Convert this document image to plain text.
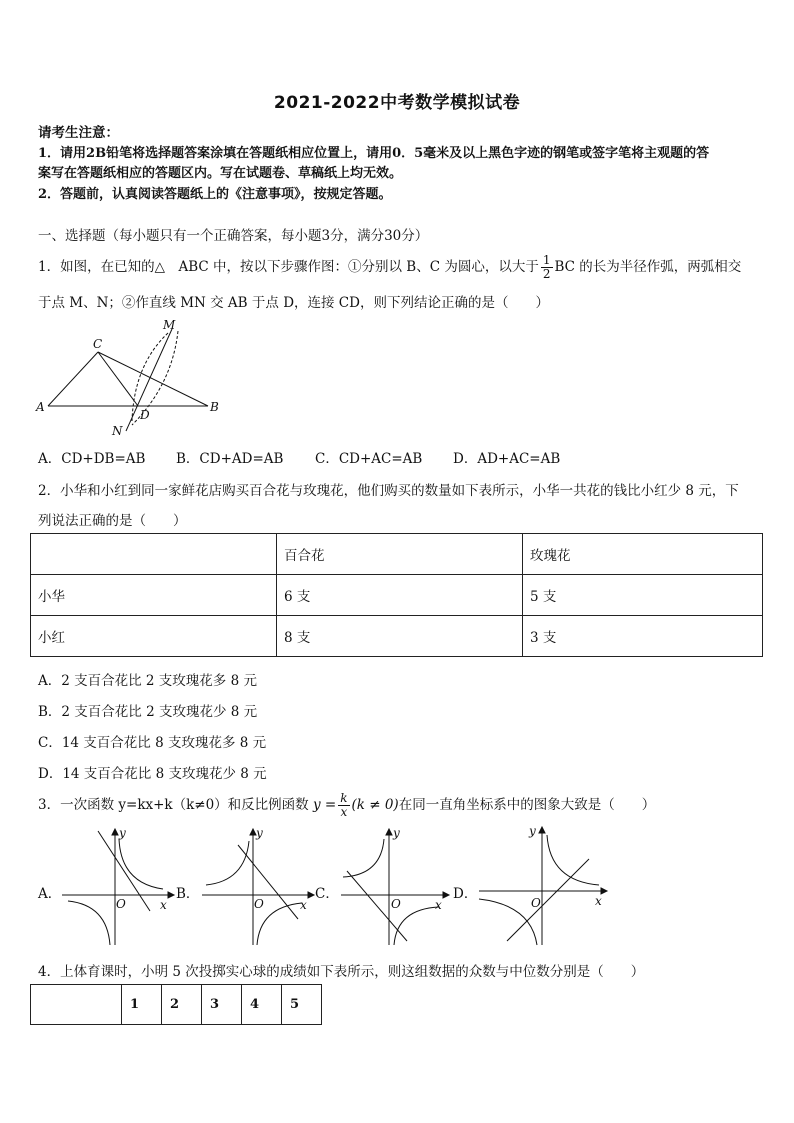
2021-2022中考数学模拟试卷
请考生注意：
1．请用2B铅笔将选择题答案涂填在答题纸相应位置上，请用0．5毫米及以上黑色字迹的钢笔或签字笔将主观题的答
案写在答题纸相应的答题区内。写在试题卷、草稿纸上均无效。
2．答题前，认真阅读答题纸上的《注意事项》，按规定答题。
一、选择题（每小题只有一个正确答案，每小题3分，满分30分）
1．如图，在已知的△　ABC 中，按以下步骤作图：①分别以 B、C 为圆心，以大于 $\frac{1}{2}$ BC 的长为半径作弧，两弧相交
于点 M、N；②作直线 MN 交 AB 于点 D，连接 CD，则下列结论正确的是（　　）
A	B
C
D
M
N
A．CD+DB=AB B．CD+AD=AB C．CD+AC=AB D．AD+AC=AB
2．小华和小红到同一家鲜花店购买百合花与玫瑰花，他们购买的数量如下表所示，小华一共花的钱比小红少 8 元，下
列说法正确的是（　　）
	百合花	玫瑰花
小华	6 支	5 支
小红	8 支	3 支
A．2 支百合花比 2 支玫瑰花多 8 元
B．2 支百合花比 2 支玫瑰花少 8 元
C．14 支百合花比 8 支玫瑰花多 8 元
D．14 支百合花比 8 支玫瑰花少 8 元
3．一次函数 y=kx+k（k≠0）和反比例函数 $y = \frac{k}{x} (k \ne 0)$在同一直角坐标系中的图象大致是（　　）
A．	B．	C．	D．
x
y
O	x
y
O	x
y
O	x
y
O
4．上体育课时，小明 5 次投掷实心球的成绩如下表所示，则这组数据的众数与中位数分别是（　　）
	1	2	3	4	5
